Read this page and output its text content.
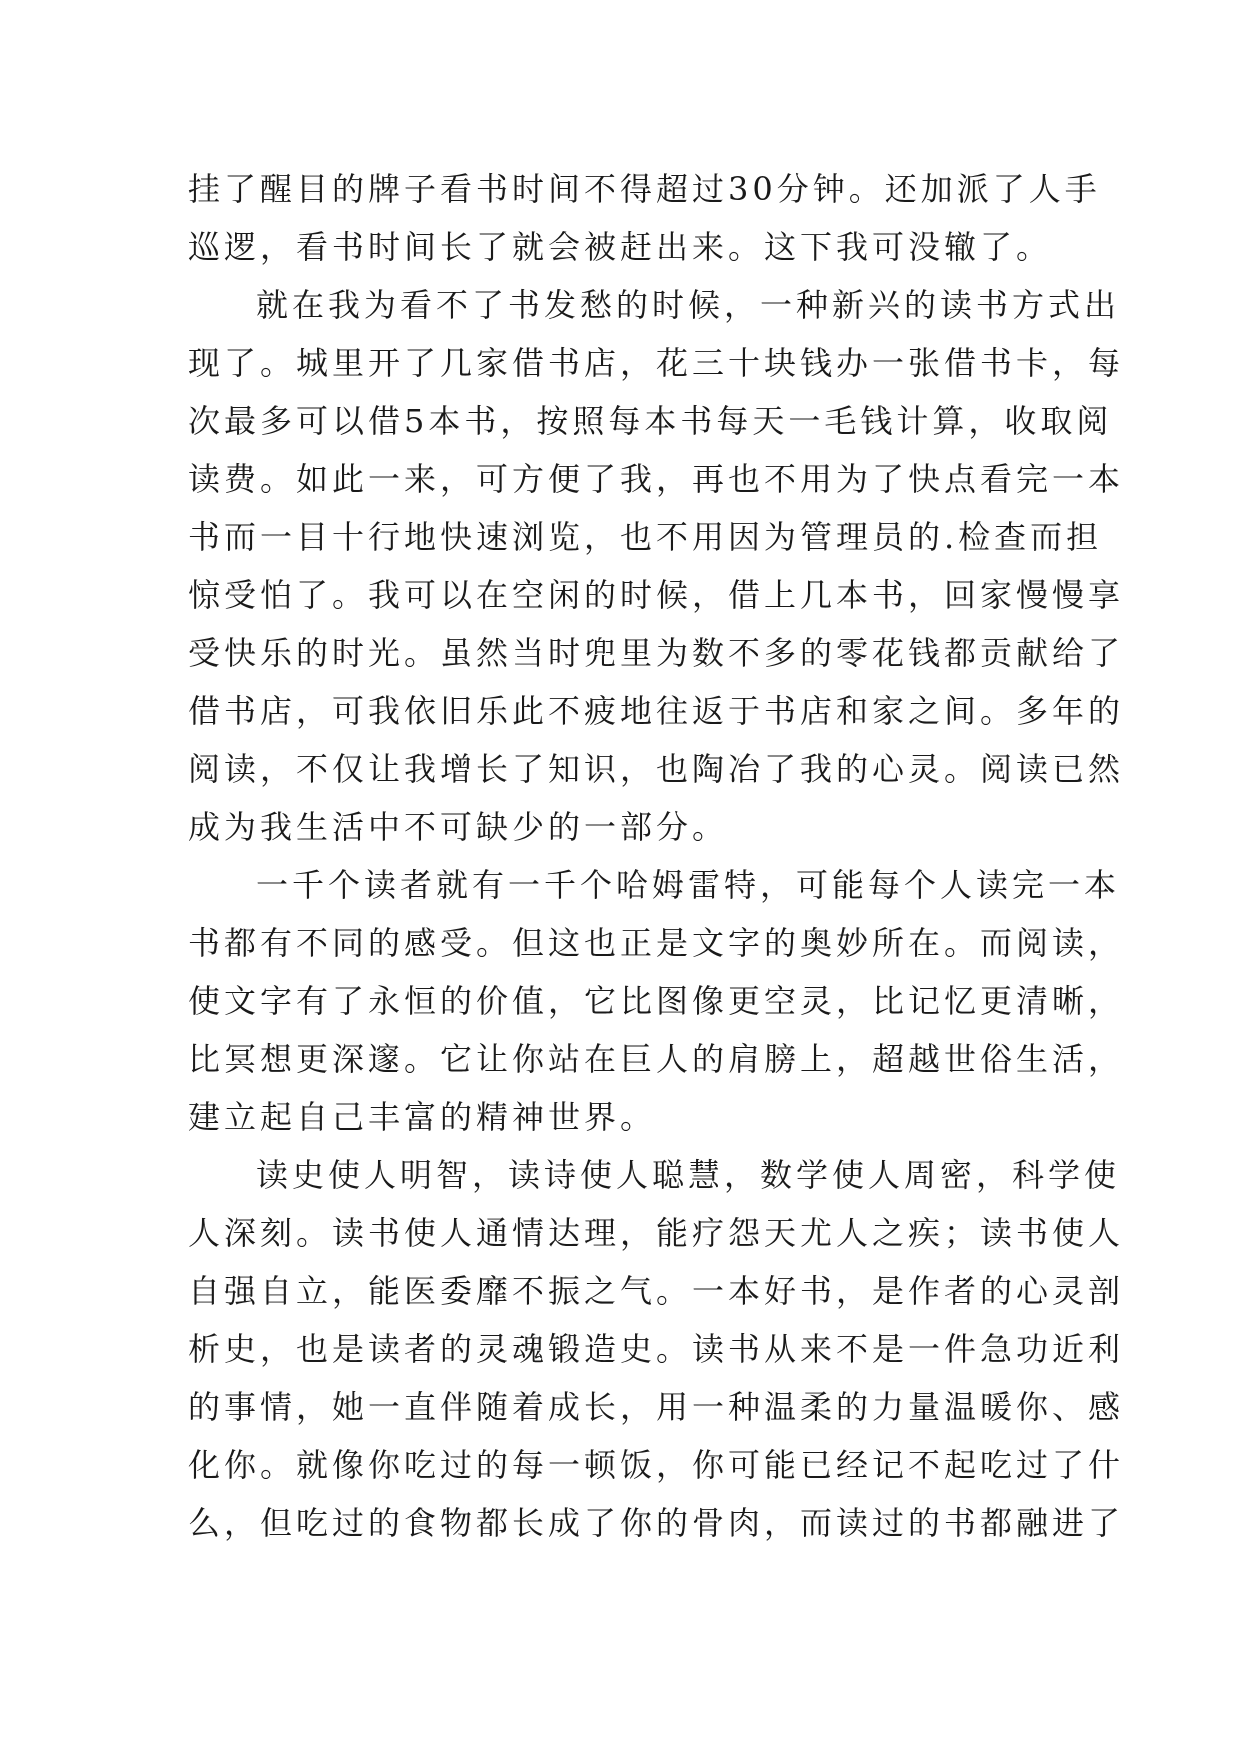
挂了醒目的牌子看书时间不得超过30分钟。还加派了人手
巡逻，看书时间长了就会被赶出来。这下我可没辙了。
就在我为看不了书发愁的时候，一种新兴的读书方式出
现了。城里开了几家借书店，花三十块钱办一张借书卡，每
次最多可以借5本书，按照每本书每天一毛钱计算，收取阅
读费。如此一来，可方便了我，再也不用为了快点看完一本
书而一目十行地快速浏览，也不用因为管理员的.检查而担
惊受怕了。我可以在空闲的时候，借上几本书，回家慢慢享
受快乐的时光。虽然当时兜里为数不多的零花钱都贡献给了
借书店，可我依旧乐此不疲地往返于书店和家之间。多年的
阅读，不仅让我增长了知识，也陶冶了我的心灵。阅读已然
成为我生活中不可缺少的一部分。
一千个读者就有一千个哈姆雷特，可能每个人读完一本
书都有不同的感受。但这也正是文字的奥妙所在。而阅读，
使文字有了永恒的价值，它比图像更空灵，比记忆更清晰，
比冥想更深邃。它让你站在巨人的肩膀上，超越世俗生活，
建立起自己丰富的精神世界。
读史使人明智，读诗使人聪慧，数学使人周密，科学使
人深刻。读书使人通情达理，能疗怨天尤人之疾；读书使人
自强自立，能医委靡不振之气。一本好书，是作者的心灵剖
析史，也是读者的灵魂锻造史。读书从来不是一件急功近利
的事情，她一直伴随着成长，用一种温柔的力量温暖你、感
化你。就像你吃过的每一顿饭，你可能已经记不起吃过了什
么，但吃过的食物都长成了你的骨肉，而读过的书都融进了
